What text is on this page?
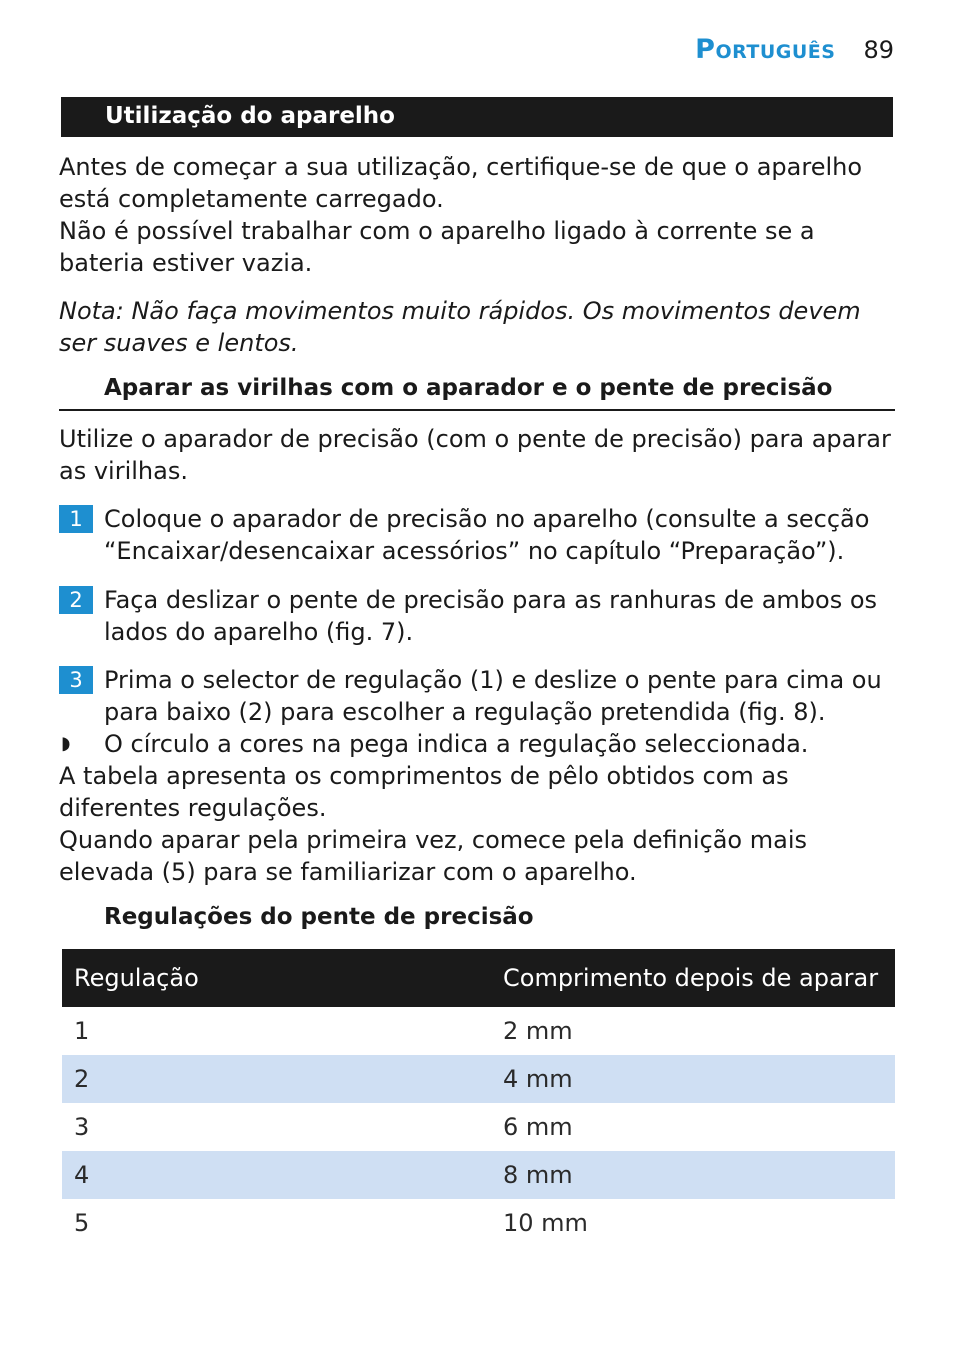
Português 89
Utilização do aparelho

Antes de começar a sua utilização, certifique-se de que o aparelho está completamente carregado.

Não é possível trabalhar com o aparelho ligado à corrente se a bateria estiver vazia.

Nota: Não faça movimentos muito rápidos. Os movimentos devem ser suaves e lentos.
Aparar as virilhas com o aparador e o pente de precisão
Utilize o aparador de precisão (com o pente de precisão) para aparar as virilhas.
1 Coloque o aparador de precisão no aparelho (consulte a secção “Encaixar/desencaixar acessórios” no capítulo “Preparação”).
2 Faça deslizar o pente de precisão para as ranhuras de ambos os lados do aparelho (fig. 7).
3 Prima o selector de regulação (1) e deslize o pente para cima ou para baixo (2) para escolher a regulação pretendida (fig. 8).
◗ O círculo a cores na pega indica a regulação seleccionada.

A tabela apresenta os comprimentos de pêlo obtidos com as diferentes regulações.

Quando aparar pela primeira vez, comece pela definição mais elevada (5) para se familiarizar com o aparelho.

Regulações do pente de precisão
Regulação	Comprimento depois de aparar
1	2 mm
2	4 mm
3	6 mm
4	8 mm
5	10 mm
